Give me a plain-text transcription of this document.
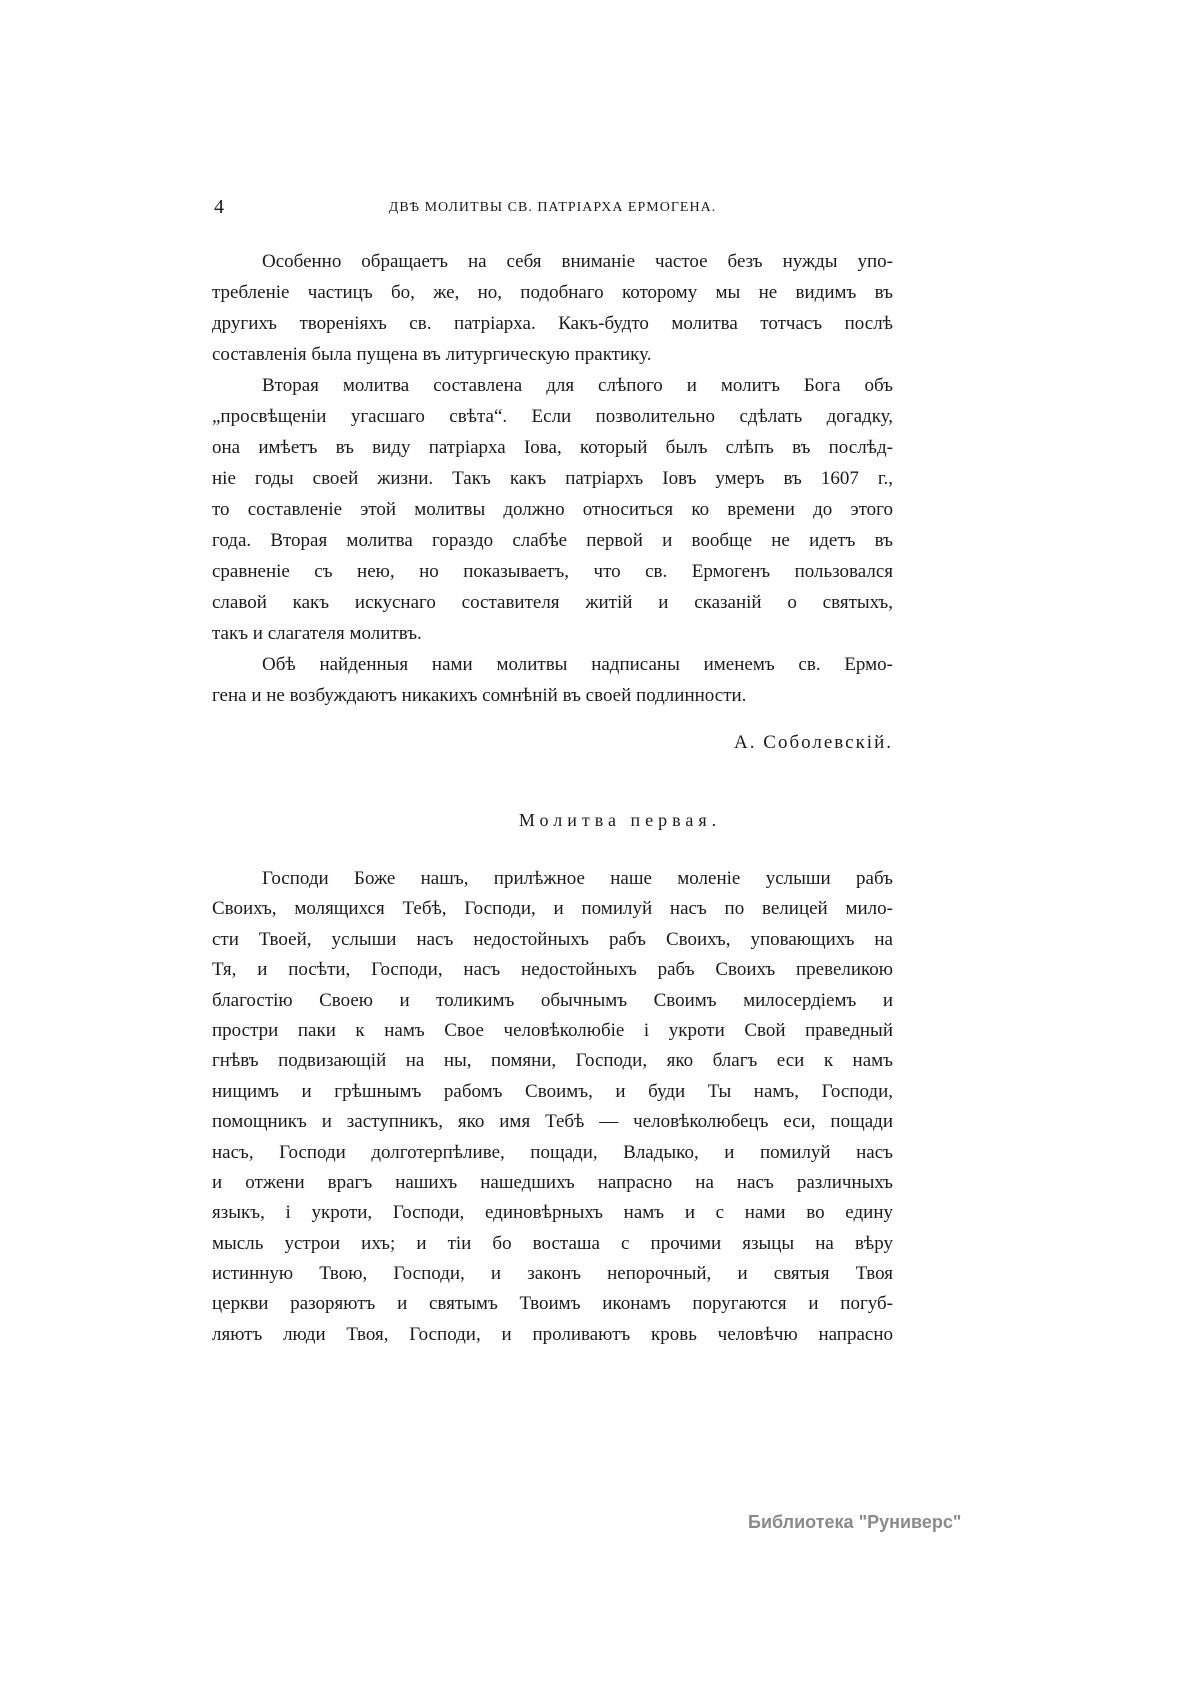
4	ДВѢ МОЛИТВЫ СВ. ПАТРІАРХА ЕРМОГЕНА.
Особенно обращаетъ на себя вниманіе частое безъ нужды упо-
требленіе частицъ бо, же, но, подобнаго которому мы не видимъ въ
другихъ твореніяхъ св. патріарха. Какъ-будто молитва тотчасъ послѣ
составленія была пущена въ литургическую практику.
Вторая молитва составлена для слѣпого и молитъ Бога объ
„просвѣщеніи угасшаго свѣта“. Если позволительно сдѣлать догадку,
она имѣетъ въ виду патріарха Іова, который былъ слѣпъ въ послѣд-
ніе годы своей жизни. Такъ какъ патріархъ Іовъ умеръ въ 1607 г.,
то составленіе этой молитвы должно относиться ко времени до этого
года. Вторая молитва гораздо слабѣе первой и вообще не идетъ въ
сравненіе съ нею, но показываетъ, что св. Ермогенъ пользовался
славой какъ искуснаго составителя житій и сказаній о святыхъ,
такъ и слагателя молитвъ.
Обѣ найденныя нами молитвы надписаны именемъ св. Ермо-
гена и не возбуждаютъ никакихъ сомнѣній въ своей подлинности.
А. Соболевскій.
Молитва первая.
Господи Боже нашъ, прилѣжное наше моленіе услыши рабъ
Своихъ, молящихся Тебѣ, Господи, и помилуй насъ по велицей мило-
сти Твоей, услыши насъ недостойныхъ рабъ Своихъ, уповающихъ на
Тя, и посѣти, Господи, насъ недостойныхъ рабъ Своихъ превеликою
благостію Своею и толикимъ обычнымъ Своимъ милосердіемъ и
простри паки к намъ Свое человѣколюбіе і укроти Свой праведный
гнѣвъ подвизающій на ны, помяни, Господи, яко благъ еси к намъ
нищимъ и грѣшнымъ рабомъ Своимъ, и буди Ты намъ, Господи,
помощникъ и заступникъ, яко имя Тебѣ — человѣколюбецъ еси, пощади
насъ, Господи долготерпѣливе, пощади, Владыко, и помилуй насъ
и отжени врагъ нашихъ нашедшихъ напрасно на насъ различныхъ
языкъ, і укроти, Господи, единовѣрныхъ намъ и с нами во едину
мысль устрои ихъ; и тіи бо восташа с прочими языцы на вѣру
истинную Твою, Господи, и законъ непорочный, и святыя Твоя
церкви разоряютъ и святымъ Твоимъ иконамъ поругаются и погуб-
ляютъ люди Твоя, Господи, и проливаютъ кровь человѣчю напрасно
Библиотека "Руниверс"
